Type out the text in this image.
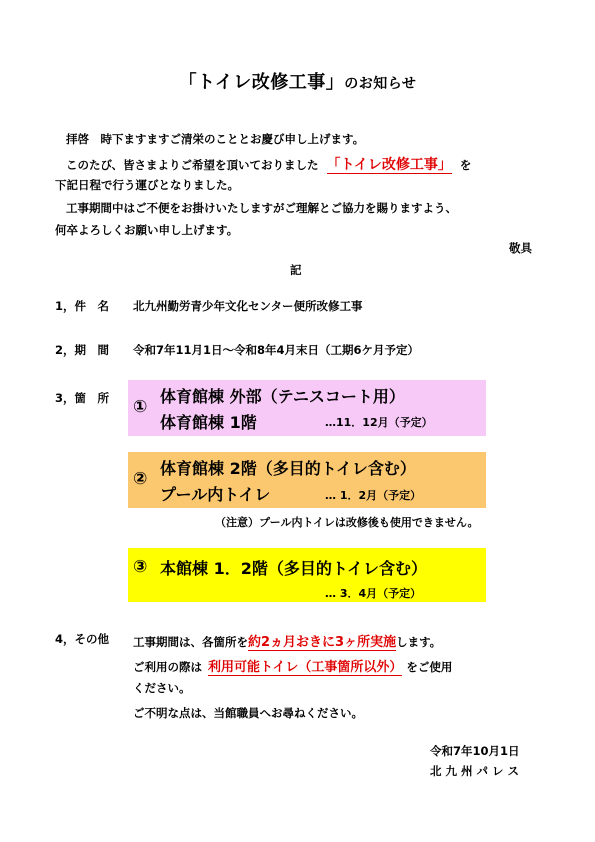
「トイレ改修工事」のお知らせ
拝啓　時下ますますご清栄のこととお慶び申し上げます。
このたび、皆さまよりご希望を頂いておりました 「トイレ改修工事」 を
下記日程で行う運びとなりました。
工事期間中はご不便をお掛けいたしますがご理解とご協力を賜りますよう、
何卒よろしくお願い申し上げます。
敬具
記
1，件　名 北九州勤労青少年文化センター便所改修工事
2，期　間 令和7年11月1日～令和8年4月末日（工期6ケ月予定）
3，箇　所 ①
体育館棟 外部（テニスコート用）
体育館棟 1階	…11．12月（予定）
②
体育館棟 2階（多目的トイレ含む）
プール内トイレ	… 1．2月（予定）
（注意）プール内トイレは改修後も使用できません。
③ 本館棟 1．2階（多目的トイレ含む）
… 3．4月（予定）
4，その他 工事期間は、各箇所を約2ヵ月おきに3ヶ所実施します。
ご利用の際は 利用可能トイレ（工事箇所以外） をご使用
ください。
ご不明な点は、当館職員へお尋ねください。
令和7年10月1日
北 九 州 パ レ ス
